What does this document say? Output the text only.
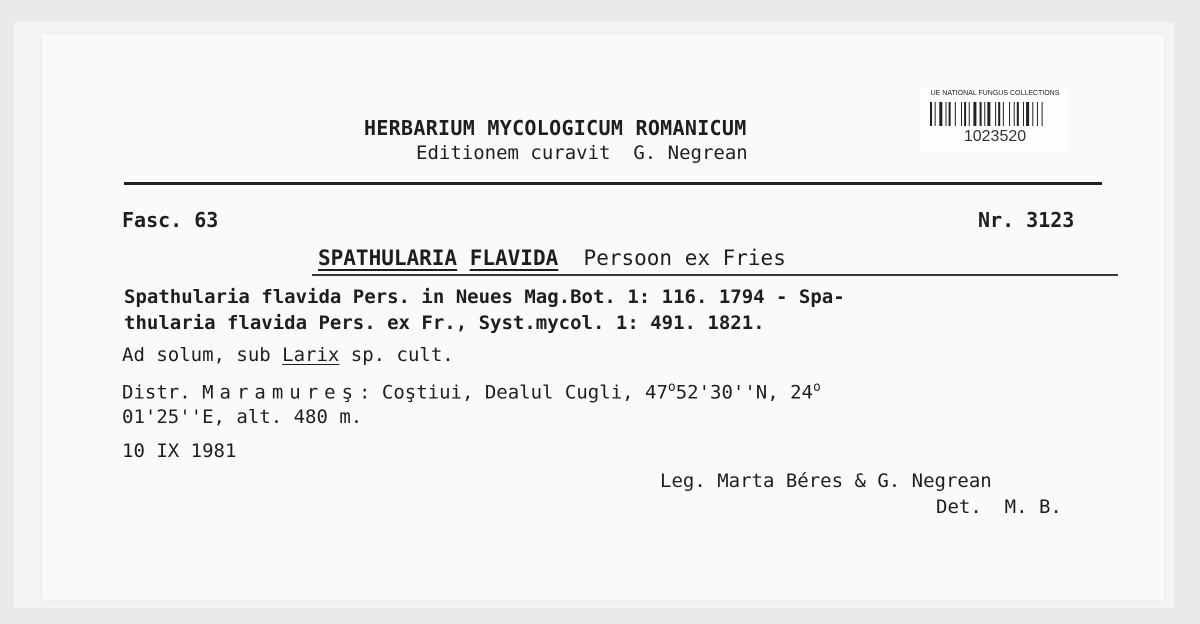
HERBARIUM MYCOLOGICUM ROMANICUM
Editionem curavit  G. Negrean
UE NATIONAL FUNGUS COLLECTIONS
1023520
Fasc. 63	Nr. 3123
SPATHULARIA FLAVIDA Persoon ex Fries
Spathularia flavida Pers. in Neues Mag.Bot. 1: 116. 1794 - Spa-
thularia flavida Pers. ex Fr., Syst.mycol. 1: 491. 1821.
Ad solum, sub Larix sp. cult.
Distr. Maramureş: Coştiui, Dealul Cugli, 47$^o$52'30''N, 24$^o$
01'25''E, alt. 480 m.
10 IX 1981
Leg. Marta Béres & G. Negrean
Det.  M. B.
